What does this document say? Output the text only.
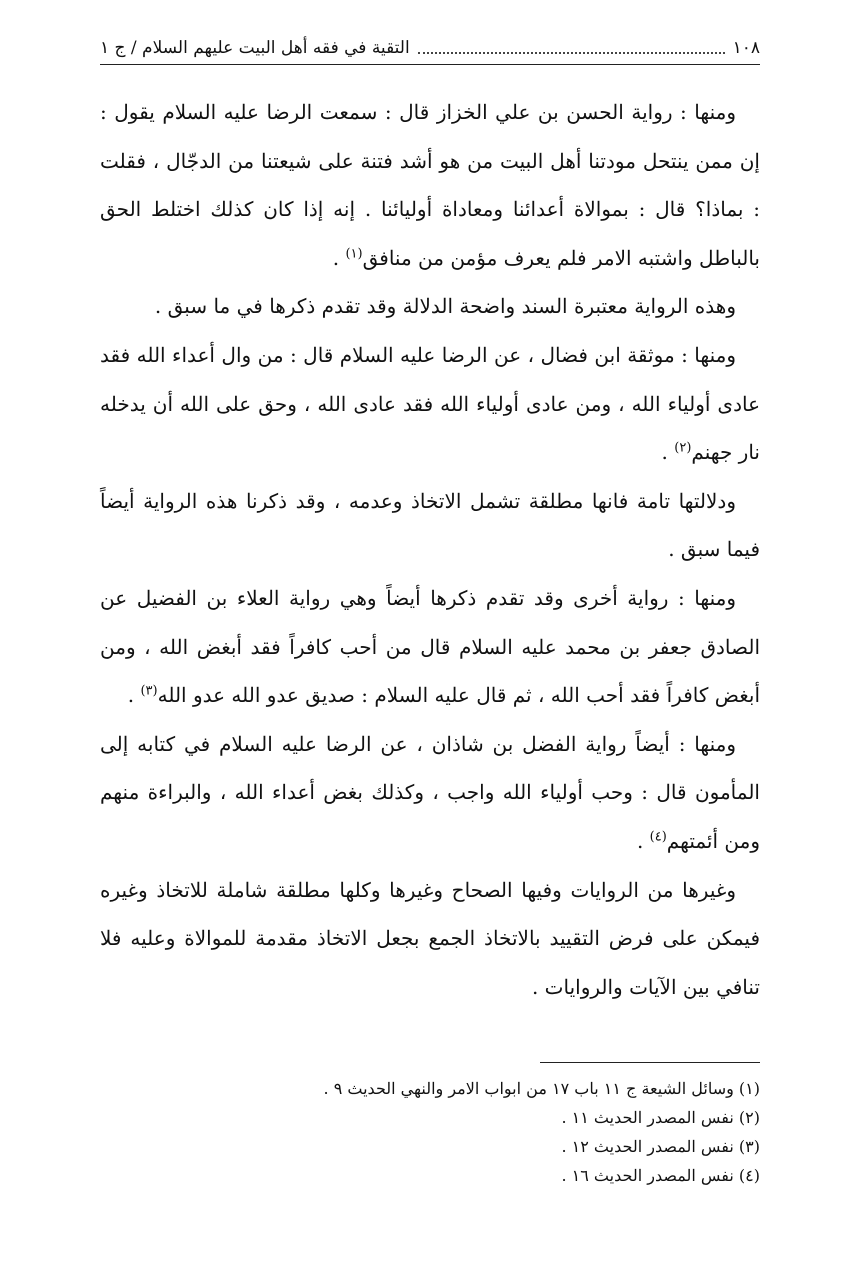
١٠٨
التقية في فقه أهل البيت عليهم السلام / ج ١

ومنها : رواية الحسن بن علي الخزاز قال : سمعت الرضا عليه السلام يقول : إن ممن ينتحل مودتنا أهل البيت من هو أشد فتنة على شيعتنا من الدجّال ، فقلت : بماذا؟ قال : بموالاة أعدائنا ومعاداة أوليائنا . إنه إذا كان كذلك اختلط الحق بالباطل واشتبه الامر فلم يعرف مؤمن من منافق$^{(١)}$ .

وهذه الرواية معتبرة السند واضحة الدلالة وقد تقدم ذكرها في ما سبق .

ومنها : موثقة ابن فضال ، عن الرضا عليه السلام قال : من وال أعداء الله فقد عادى أولياء الله ، ومن عادى أولياء الله فقد عادى الله ، وحق على الله أن يدخله نار جهنم$^{(٢)}$ .

ودلالتها تامة فانها مطلقة تشمل الاتخاذ وعدمه ، وقد ذكرنا هذه الرواية أيضاً فيما سبق .

ومنها : رواية أخرى وقد تقدم ذكرها أيضاً وهي رواية العلاء بن الفضيل عن الصادق جعفر بن محمد عليه السلام قال من أحب كافراً فقد أبغض الله ، ومن أبغض كافراً فقد أحب الله ، ثم قال عليه السلام : صديق عدو الله عدو الله$^{(٣)}$ .

ومنها : أيضاً رواية الفضل بن شاذان ، عن الرضا عليه السلام في كتابه إلى المأمون قال : وحب أولياء الله واجب ، وكذلك بغض أعداء الله ، والبراءة منهم ومن أئمتهم$^{(٤)}$ .

وغيرها من الروايات وفيها الصحاح وغيرها وكلها مطلقة شاملة للاتخاذ وغيره فيمكن على فرض التقييد بالاتخاذ الجمع بجعل الاتخاذ مقدمة للموالاة وعليه فلا تنافي بين الآيات والروايات .

(١) وسائل الشيعة ج ١١ باب ١٧ من ابواب الامر والنهي الحديث ٩ .
(٢) نفس المصدر الحديث ١١ .
(٣) نفس المصدر الحديث ١٢ .
(٤) نفس المصدر الحديث ١٦ .
